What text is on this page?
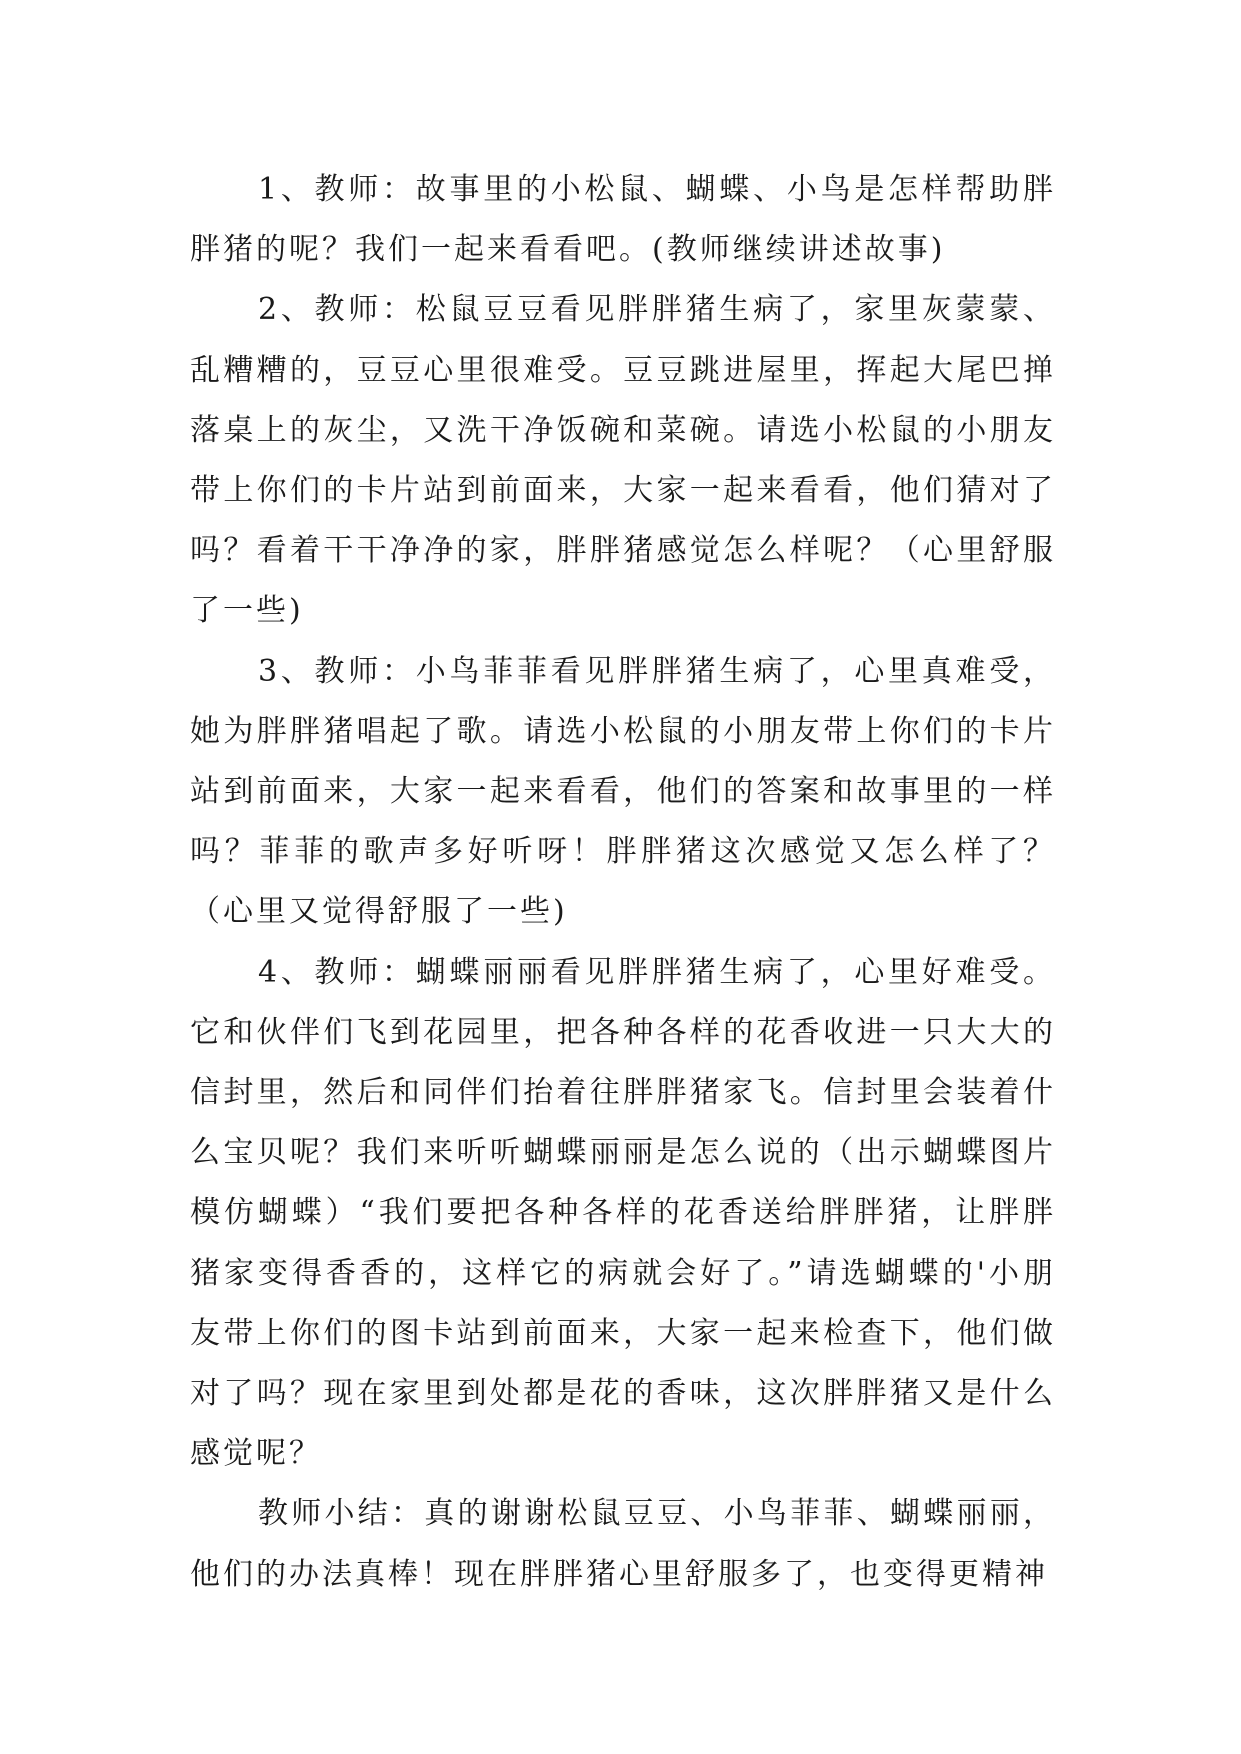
1、教师：故事里的小松鼠、蝴蝶、小鸟是怎样帮助胖胖猪的呢？我们一起来看看吧。(教师继续讲述故事)

2、教师：松鼠豆豆看见胖胖猪生病了，家里灰蒙蒙、乱糟糟的，豆豆心里很难受。豆豆跳进屋里，挥起大尾巴掸落桌上的灰尘，又洗干净饭碗和菜碗。请选小松鼠的小朋友带上你们的卡片站到前面来，大家一起来看看，他们猜对了吗？看着干干净净的家，胖胖猪感觉怎么样呢？（心里舒服了一些)

3、教师：小鸟菲菲看见胖胖猪生病了，心里真难受，她为胖胖猪唱起了歌。请选小松鼠的小朋友带上你们的卡片站到前面来，大家一起来看看，他们的答案和故事里的一样吗？菲菲的歌声多好听呀！胖胖猪这次感觉又怎么样了？（心里又觉得舒服了一些)

4、教师：蝴蝶丽丽看见胖胖猪生病了，心里好难受。它和伙伴们飞到花园里，把各种各样的花香收进一只大大的信封里，然后和同伴们抬着往胖胖猪家飞。信封里会装着什么宝贝呢？我们来听听蝴蝶丽丽是怎么说的（出示蝴蝶图片模仿蝴蝶）“我们要把各种各样的花香送给胖胖猪，让胖胖猪家变得香香的，这样它的病就会好了。”请选蝴蝶的'小朋友带上你们的图卡站到前面来，大家一起来检查下，他们做对了吗？现在家里到处都是花的香味，这次胖胖猪又是什么感觉呢？

教师小结：真的谢谢松鼠豆豆、小鸟菲菲、蝴蝶丽丽，他们的办法真棒！现在胖胖猪心里舒服多了，也变得更精神
